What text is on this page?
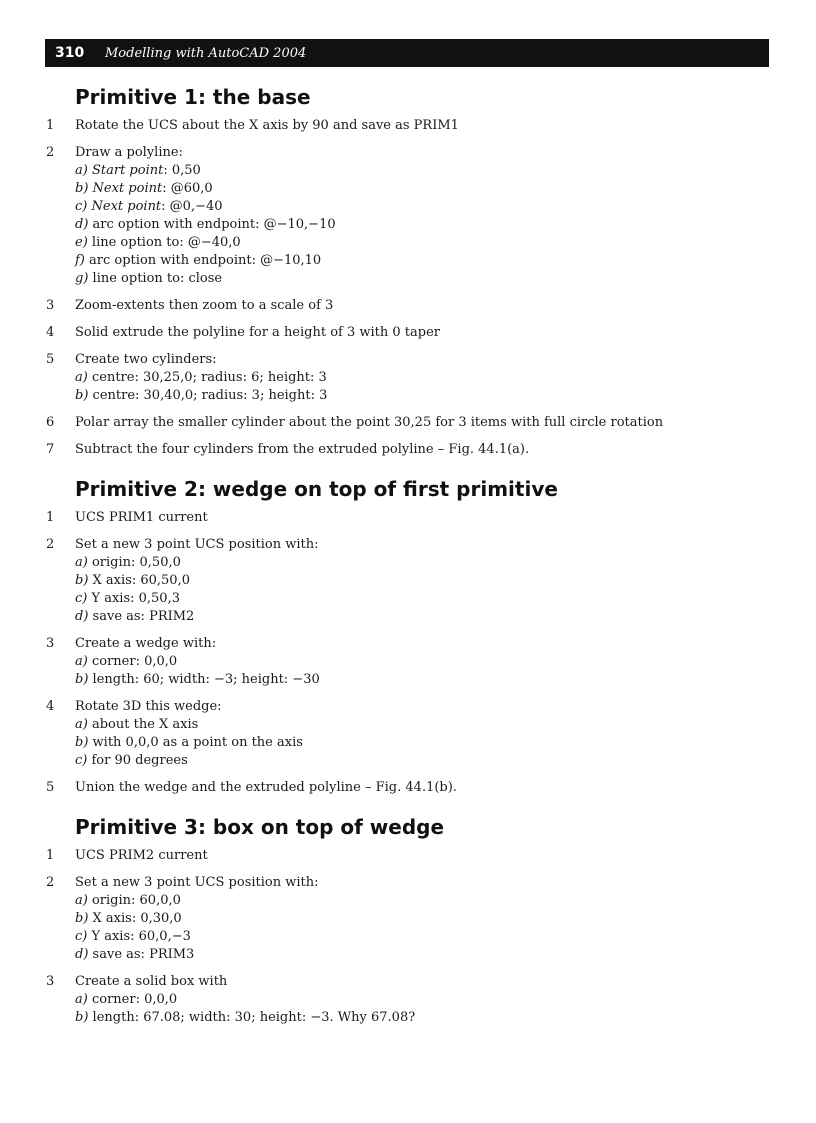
310	Modelling with AutoCAD 2004
Primitive 1: the base
1 Rotate the UCS about the X axis by 90 and save as PRIM1
2 Draw a polyline:
a) Start point: 0,50
b) Next point: @60,0
c) Next point: @0,−40
d) arc option with endpoint: @−10,−10
e) line option to: @−40,0
f) arc option with endpoint: @−10,10
g) line option to: close
3 Zoom-extents then zoom to a scale of 3
4 Solid extrude the polyline for a height of 3 with 0 taper
5 Create two cylinders:
a) centre: 30,25,0; radius: 6; height: 3
b) centre: 30,40,0; radius: 3; height: 3
6 Polar array the smaller cylinder about the point 30,25 for 3 items with full circle rotation
7 Subtract the four cylinders from the extruded polyline – Fig. 44.1(a).
Primitive 2: wedge on top of first primitive
1 UCS PRIM1 current
2 Set a new 3 point UCS position with:
a) origin: 0,50,0
b) X axis: 60,50,0
c) Y axis: 0,50,3
d) save as: PRIM2
3 Create a wedge with:
a) corner: 0,0,0
b) length: 60; width: −3; height: −30
4 Rotate 3D this wedge:
a) about the X axis
b) with 0,0,0 as a point on the axis
c) for 90 degrees
5 Union the wedge and the extruded polyline – Fig. 44.1(b).
Primitive 3: box on top of wedge
1 UCS PRIM2 current
2 Set a new 3 point UCS position with:
a) origin: 60,0,0
b) X axis: 0,30,0
c) Y axis: 60,0,−3
d) save as: PRIM3
3 Create a solid box with
a) corner: 0,0,0
b) length: 67.08; width: 30; height: −3. Why 67.08?
